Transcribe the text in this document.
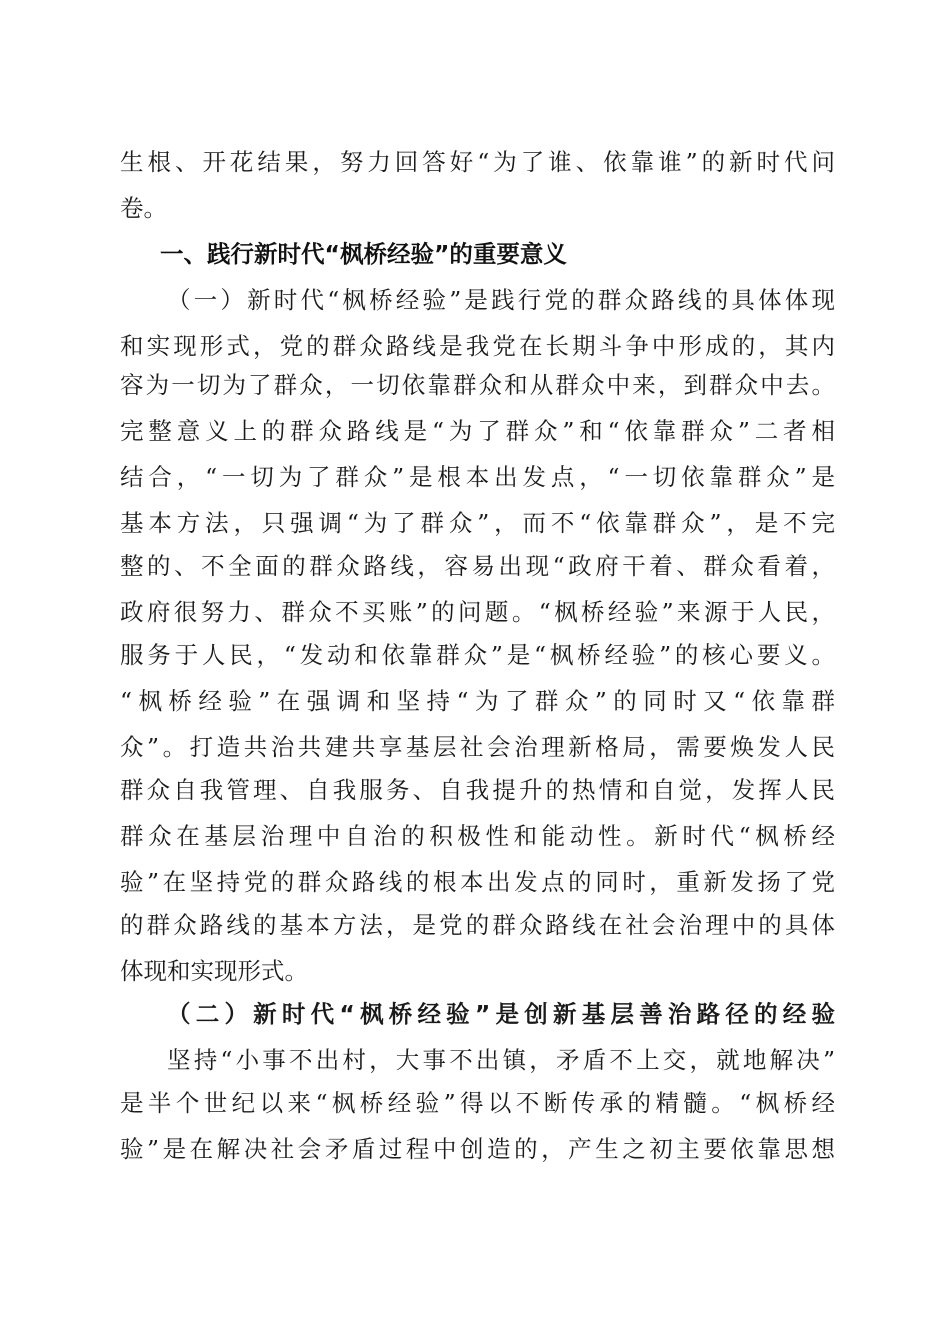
生根、开花结果，努力回答好“为了谁、依靠谁”的新时代问
卷。
一、践行新时代“枫桥经验”的重要意义
（一）新时代“枫桥经验”是践行党的群众路线的具体体现
和实现形式，党的群众路线是我党在长期斗争中形成的，其内
容为一切为了群众，一切依靠群众和从群众中来，到群众中去。
完整意义上的群众路线是“为了群众”和“依靠群众”二者相
结合，“一切为了群众”是根本出发点，“一切依靠群众”是
基本方法，只强调“为了群众”，而不“依靠群众”，是不完
整的、不全面的群众路线，容易出现“政府干着、群众看着，
政府很努力、群众不买账”的问题。“枫桥经验”来源于人民，
服务于人民，“发动和依靠群众”是“枫桥经验”的核心要义。
“枫桥经验”在强调和坚持“为了群众”的同时又“依靠群
众”。打造共治共建共享基层社会治理新格局，需要焕发人民
群众自我管理、自我服务、自我提升的热情和自觉，发挥人民
群众在基层治理中自治的积极性和能动性。新时代“枫桥经
验”在坚持党的群众路线的根本出发点的同时，重新发扬了党
的群众路线的基本方法，是党的群众路线在社会治理中的具体
体现和实现形式。
（二）新时代“枫桥经验”是创新基层善治路径的经验
坚持“小事不出村，大事不出镇，矛盾不上交，就地解决”
是半个世纪以来“枫桥经验”得以不断传承的精髓。“枫桥经
验”是在解决社会矛盾过程中创造的，产生之初主要依靠思想
